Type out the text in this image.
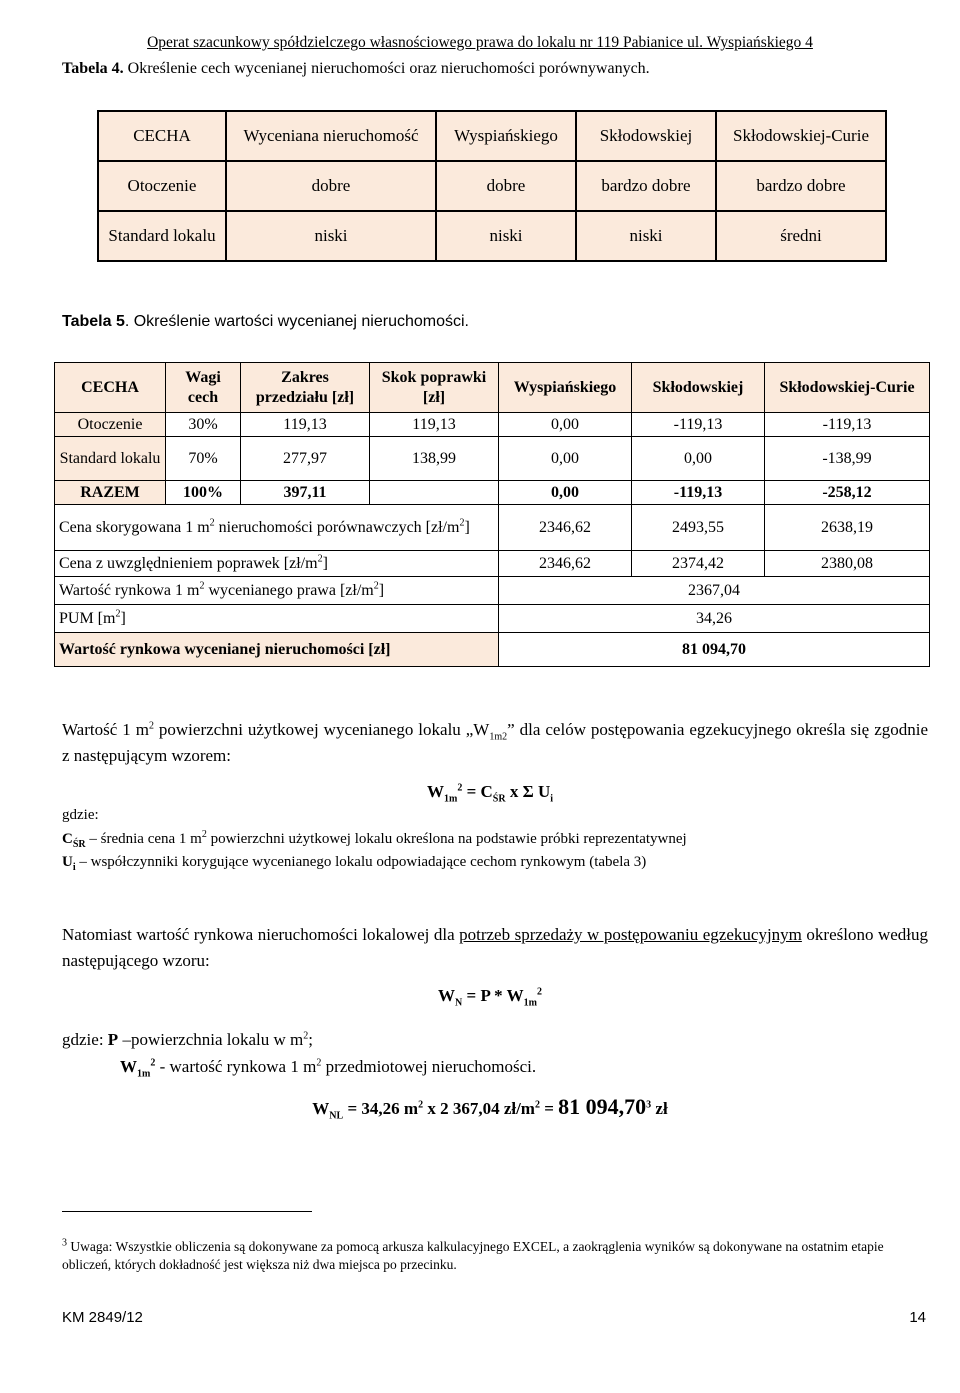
Operat szacunkowy spółdzielczego własnościowego prawa do lokalu nr 119 Pabianice ul. Wyspiańskiego 4
Tabela 4. Określenie cech wycenianej nieruchomości oraz nieruchomości porównywanych.
CECHA	Wyceniana nieruchomość	Wyspiańskiego	Skłodowskiej	Skłodowskiej-Curie
Otoczenie	dobre	dobre	bardzo dobre	bardzo dobre
Standard lokalu	niski	niski	niski	średni
Tabela 5. Określenie wartości wycenianej nieruchomości.
CECHA	Wagi cech	Zakres przedziału [zł]	Skok poprawki [zł]	Wyspiańskiego	Skłodowskiej	Skłodowskiej-Curie
Otoczenie	30%	119,13	119,13	0,00	-119,13	-119,13
Standard lokalu	70%	277,97	138,99	0,00	0,00	-138,99
RAZEM	100%	397,11		0,00	-119,13	-258,12
Cena skorygowana 1 $m^2$ nieruchomości porównawczych $[zł/m^2]$				2346,62	2493,55	2638,19
Cena z uwzględnieniem poprawek $[zł/m^2]$				2346,62	2374,42	2380,08
Wartość rynkowa 1 $m^2$ wycenianego prawa $[zł/m^2]$				2367,04		
PUM $[m^2]$				34,26		
Wartość rynkowa wycenianej nieruchomości [zł]				81 094,70		
Wartość 1 $m^2$ powierzchni użytkowej wycenianego lokalu $„W_{1m2}$” dla celów postępowania egzekucyjnego określa się zgodnie z następującym wzorem:
$W_{1m}^2 = C_{ŚR}$ x Σ $U_i$
gdzie:
$C_{ŚR}$ – średnia cena 1 $m^2$ powierzchni użytkowej lokalu określona na podstawie próbki reprezentatywnej
$U_i$ – współczynniki korygujące wycenianego lokalu odpowiadające cechom rynkowym (tabela 3)
Natomiast wartość rynkowa nieruchomości lokalowej dla potrzeb sprzedaży w postępowaniu egzekucyjnym określono według następującego wzoru:
$W_N = P * W_{1m}^2$
gdzie: P –powierzchnia lokalu w $m^2$;
$W_{1m}^2$ - wartość rynkowa 1 $m^2$ przedmiotowej nieruchomości.
$W_{NL} = 34,26$ $m^2$ x 2 367,04 $zł/m^2 = 81$ 094,70$^3$ zł
$^3$ Uwaga: Wszystkie obliczenia są dokonywane za pomocą arkusza kalkulacyjnego EXCEL, a zaokrąglenia wyników są dokonywane na ostatnim etapie obliczeń, których dokładność jest większa niż dwa miejsca po przecinku.
KM 2849/12	14
